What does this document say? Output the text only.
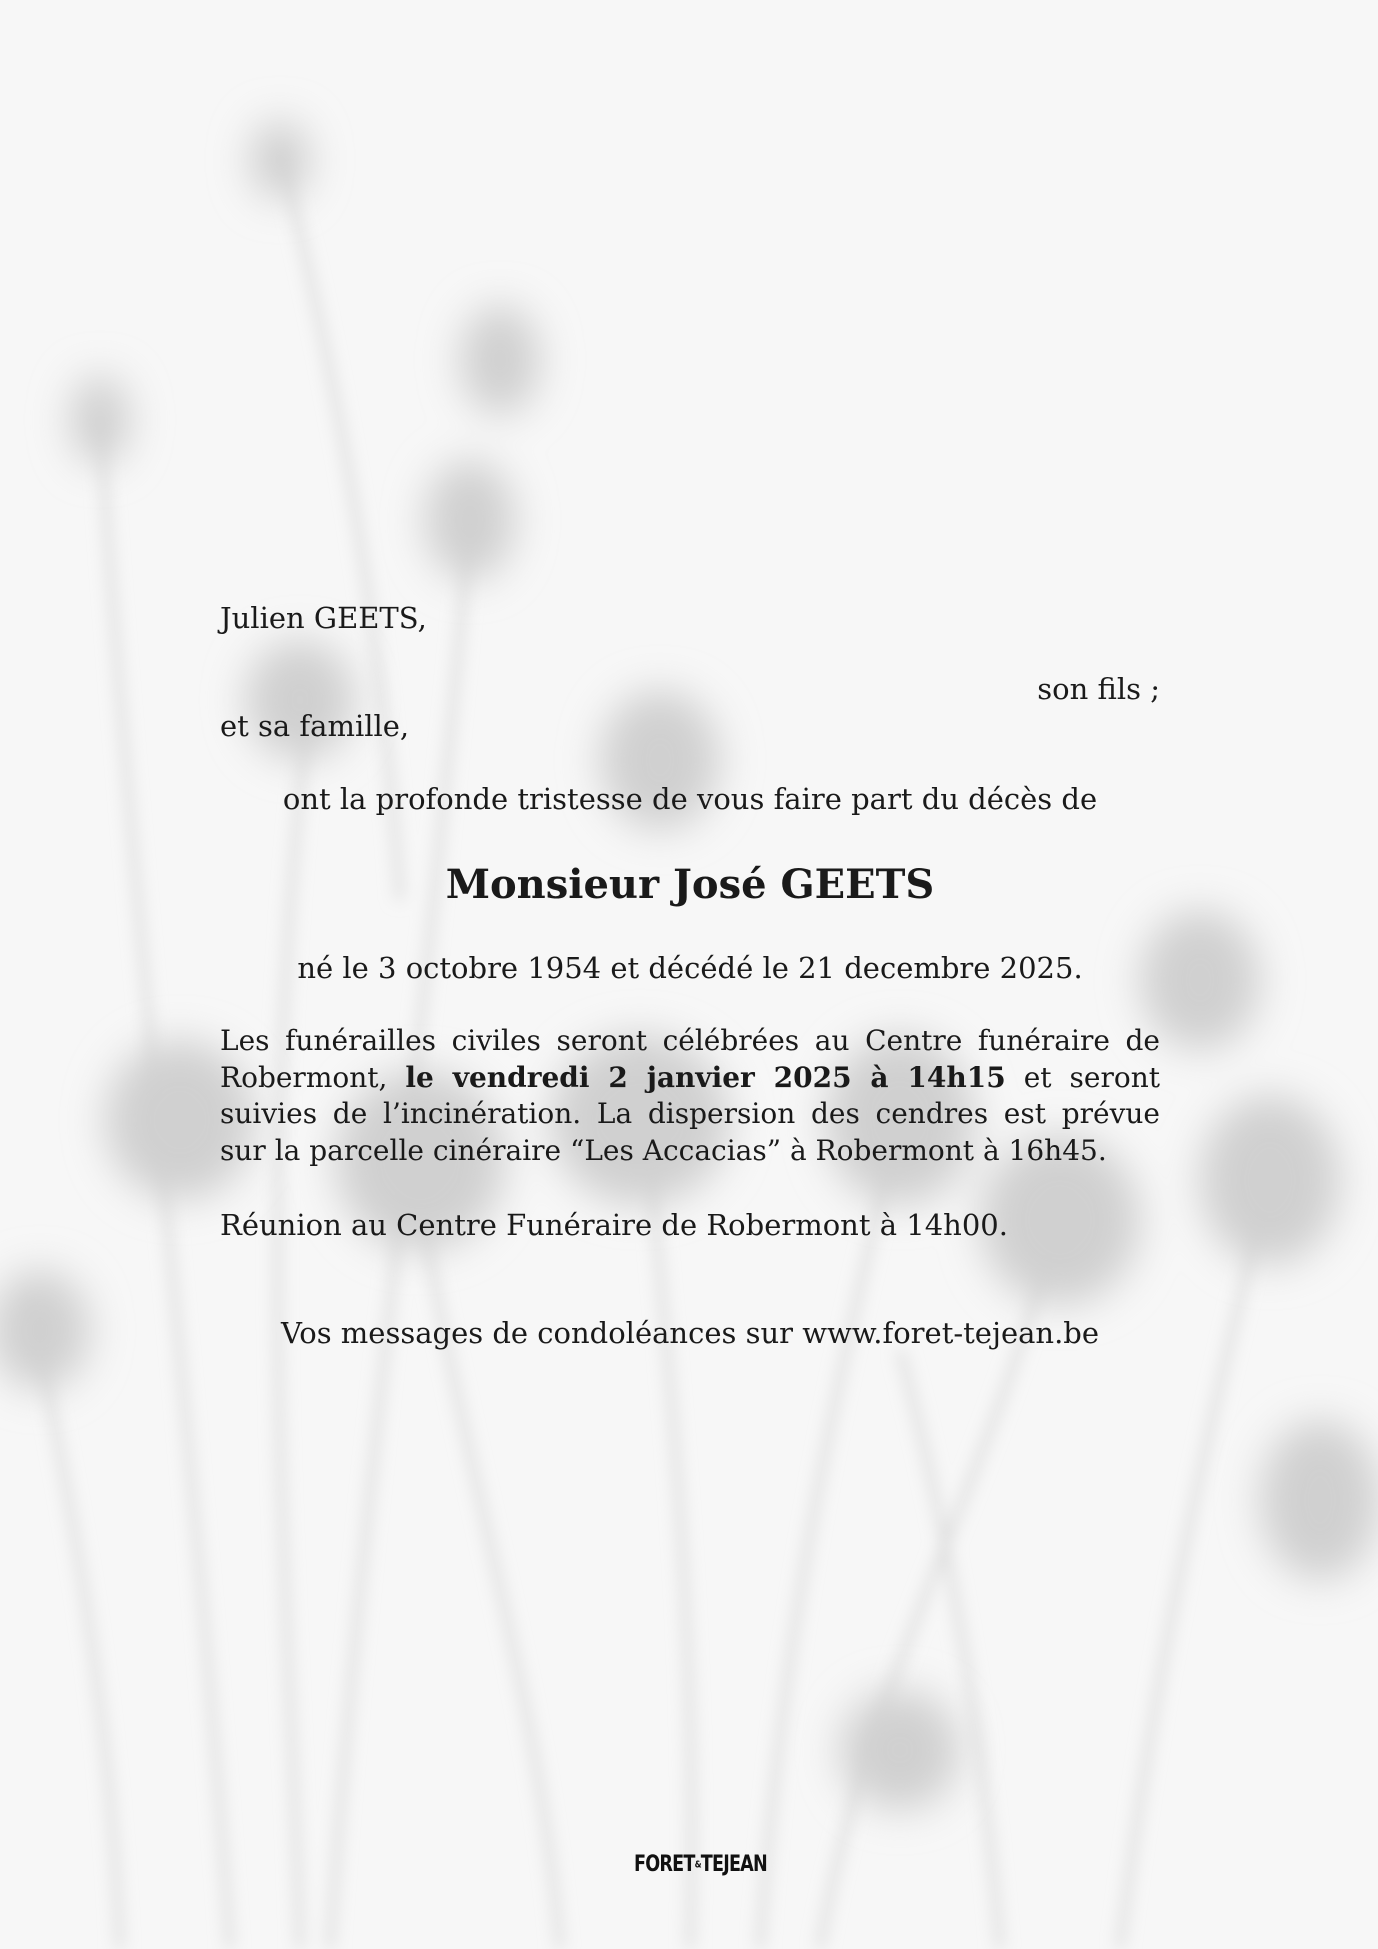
Julien GEETS,
son fils ;
et sa famille,
ont la profonde tristesse de vous faire part du décès de
Monsieur José GEETS
né le 3 octobre 1954 et décédé le 21 decembre 2025.
Les funérailles civiles seront célébrées au Centre funéraire de Robermont, le vendredi 2 janvier 2025 à 14h15 et seront suivies de l’incinération. La dispersion des cendres est prévue sur la parcelle cinéraire “Les Accacias” à Robermont à 16h45.
Réunion au Centre Funéraire de Robermont à 14h00.
Vos messages de condoléances sur www.foret-tejean.be
FORET&TEJEAN
